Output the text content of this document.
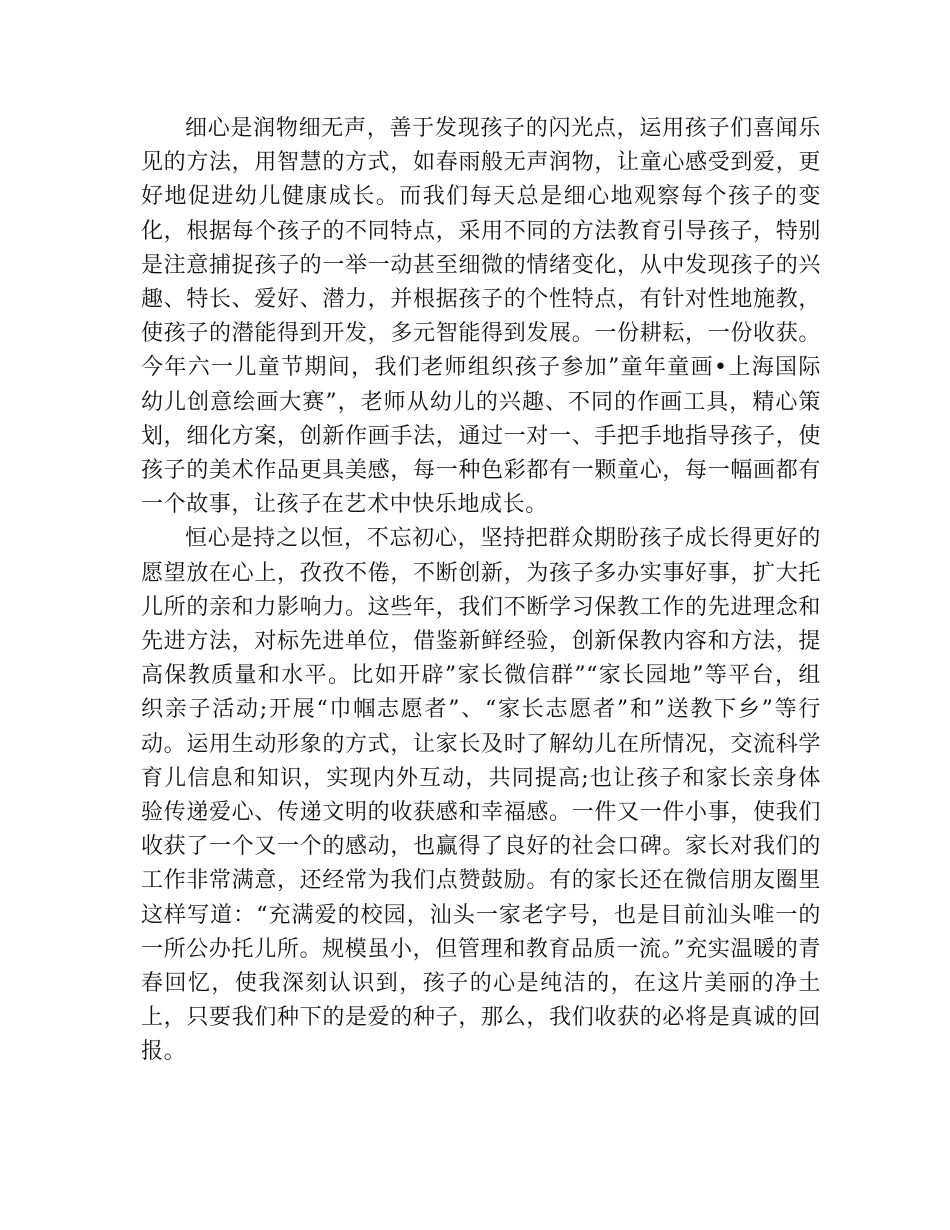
细心是润物细无声，善于发现孩子的闪光点，运用孩子们喜闻乐见的方法，用智慧的方式，如春雨般无声润物，让童心感受到爱，更好地促进幼儿健康成长。而我们每天总是细心地观察每个孩子的变化，根据每个孩子的不同特点，采用不同的方法教育引导孩子，特别是注意捕捉孩子的一举一动甚至细微的情绪变化，从中发现孩子的兴趣、特长、爱好、潜力，并根据孩子的个性特点，有针对性地施教，使孩子的潜能得到开发，多元智能得到发展。一份耕耘，一份收获。今年六一儿童节期间，我们老师组织孩子参加”童年童画•上海国际幼儿创意绘画大赛”，老师从幼儿的兴趣、不同的作画工具，精心策划，细化方案，创新作画手法，通过一对一、手把手地指导孩子，使孩子的美术作品更具美感，每一种色彩都有一颗童心，每一幅画都有一个故事，让孩子在艺术中快乐地成长。

恒心是持之以恒，不忘初心，坚持把群众期盼孩子成长得更好的愿望放在心上，孜孜不倦，不断创新，为孩子多办实事好事，扩大托儿所的亲和力影响力。这些年，我们不断学习保教工作的先进理念和先进方法，对标先进单位，借鉴新鲜经验，创新保教内容和方法，提高保教质量和水平。比如开辟”家长微信群”“家长园地”等平台，组织亲子活动;开展“巾帼志愿者”、“家长志愿者”和”送教下乡”等行动。运用生动形象的方式，让家长及时了解幼儿在所情况，交流科学育儿信息和知识，实现内外互动，共同提高;也让孩子和家长亲身体验传递爱心、传递文明的收获感和幸福感。一件又一件小事，使我们收获了一个又一个的感动，也赢得了良好的社会口碑。家长对我们的工作非常满意，还经常为我们点赞鼓励。有的家长还在微信朋友圈里这样写道：“充满爱的校园，汕头一家老字号，也是目前汕头唯一的一所公办托儿所。规模虽小，但管理和教育品质一流。”充实温暖的青春回忆，使我深刻认识到，孩子的心是纯洁的，在这片美丽的净土上，只要我们种下的是爱的种子，那么，我们收获的必将是真诚的回报。
